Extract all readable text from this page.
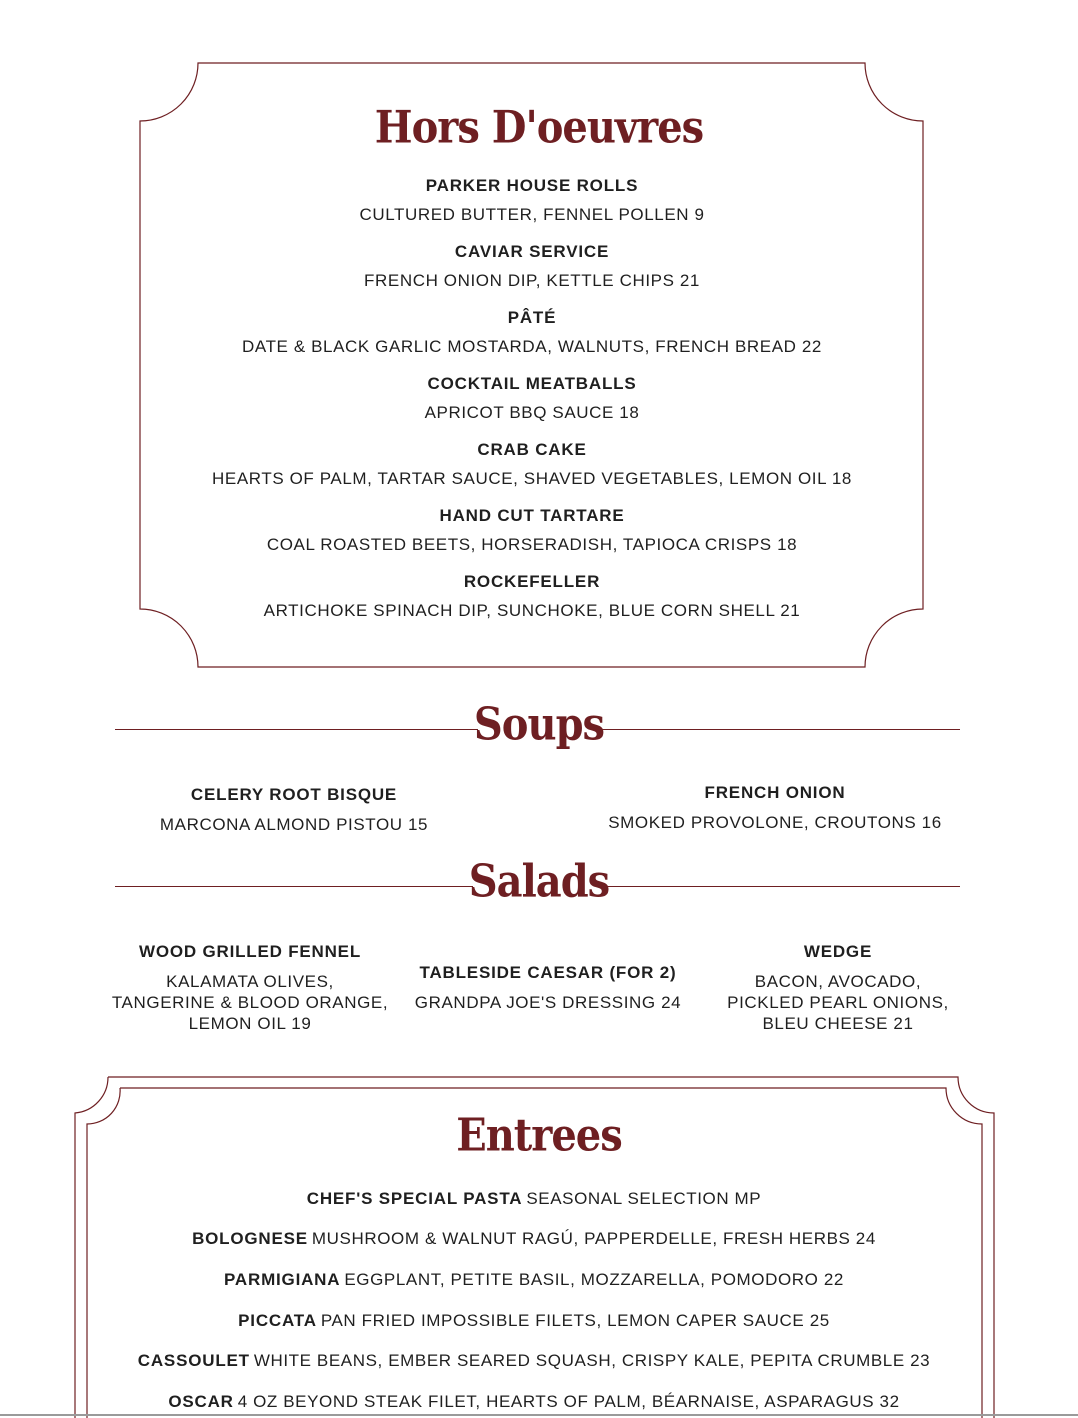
Hors D'oeuvres
PARKER HOUSE ROLLS
CULTURED BUTTER, FENNEL POLLEN 9
CAVIAR SERVICE
FRENCH ONION DIP, KETTLE CHIPS 21
PÂTÉ
DATE & BLACK GARLIC MOSTARDA, WALNUTS, FRENCH BREAD 22
COCKTAIL MEATBALLS
APRICOT BBQ SAUCE 18
CRAB CAKE
HEARTS OF PALM, TARTAR SAUCE, SHAVED VEGETABLES, LEMON OIL 18
HAND CUT TARTARE
COAL ROASTED BEETS, HORSERADISH, TAPIOCA CRISPS 18
ROCKEFELLER
ARTICHOKE SPINACH DIP, SUNCHOKE, BLUE CORN SHELL 21
Soups
CELERY ROOT BISQUE
MARCONA ALMOND PISTOU 15
FRENCH ONION
SMOKED PROVOLONE, CROUTONS 16
Salads
WOOD GRILLED FENNEL
KALAMATA OLIVES,
TANGERINE & BLOOD ORANGE,
LEMON OIL 19
TABLESIDE CAESAR (FOR 2)
GRANDPA JOE'S DRESSING 24
WEDGE
BACON, AVOCADO,
PICKLED PEARL ONIONS,
BLEU CHEESE 21
Entrees
CHEF'S SPECIAL PASTA SEASONAL SELECTION MP
BOLOGNESE MUSHROOM & WALNUT RAGÚ, PAPPERDELLE, FRESH HERBS 24
PARMIGIANA EGGPLANT, PETITE BASIL, MOZZARELLA, POMODORO 22
PICCATA PAN FRIED IMPOSSIBLE FILETS, LEMON CAPER SAUCE 25
CASSOULET WHITE BEANS, EMBER SEARED SQUASH, CRISPY KALE, PEPITA CRUMBLE 23
OSCAR 4 OZ BEYOND STEAK FILET, HEARTS OF PALM, BÉARNAISE, ASPARAGUS 32
